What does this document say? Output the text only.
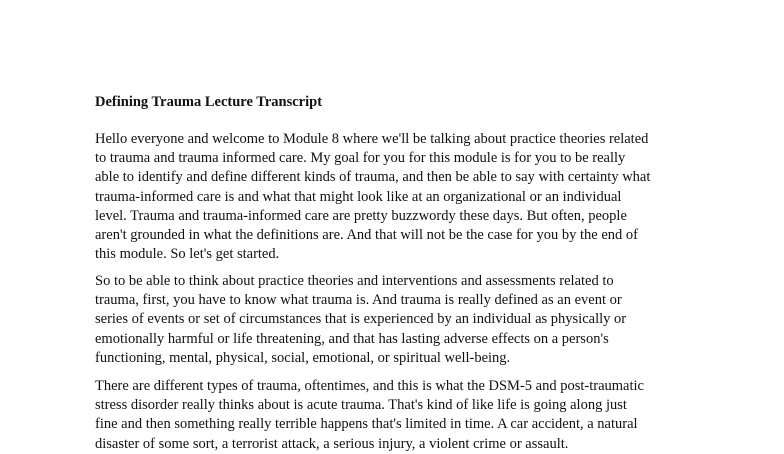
Defining Trauma Lecture Transcript
Hello everyone and welcome to Module 8 where we'll be talking about practice theories related
to trauma and trauma informed care. My goal for you for this module is for you to be really
able to identify and define different kinds of trauma, and then be able to say with certainty what
trauma-informed care is and what that might look like at an organizational or an individual
level. Trauma and trauma-informed care are pretty buzzwordy these days. But often, people
aren't grounded in what the definitions are. And that will not be the case for you by the end of
this module. So let's get started.
So to be able to think about practice theories and interventions and assessments related to
trauma, first, you have to know what trauma is. And trauma is really defined as an event or
series of events or set of circumstances that is experienced by an individual as physically or
emotionally harmful or life threatening, and that has lasting adverse effects on a person's
functioning, mental, physical, social, emotional, or spiritual well-being.
There are different types of trauma, oftentimes, and this is what the DSM-5 and post-traumatic
stress disorder really thinks about is acute trauma. That's kind of like life is going along just
fine and then something really terrible happens that's limited in time. A car accident, a natural
disaster of some sort, a terrorist attack, a serious injury, a violent crime or assault.
